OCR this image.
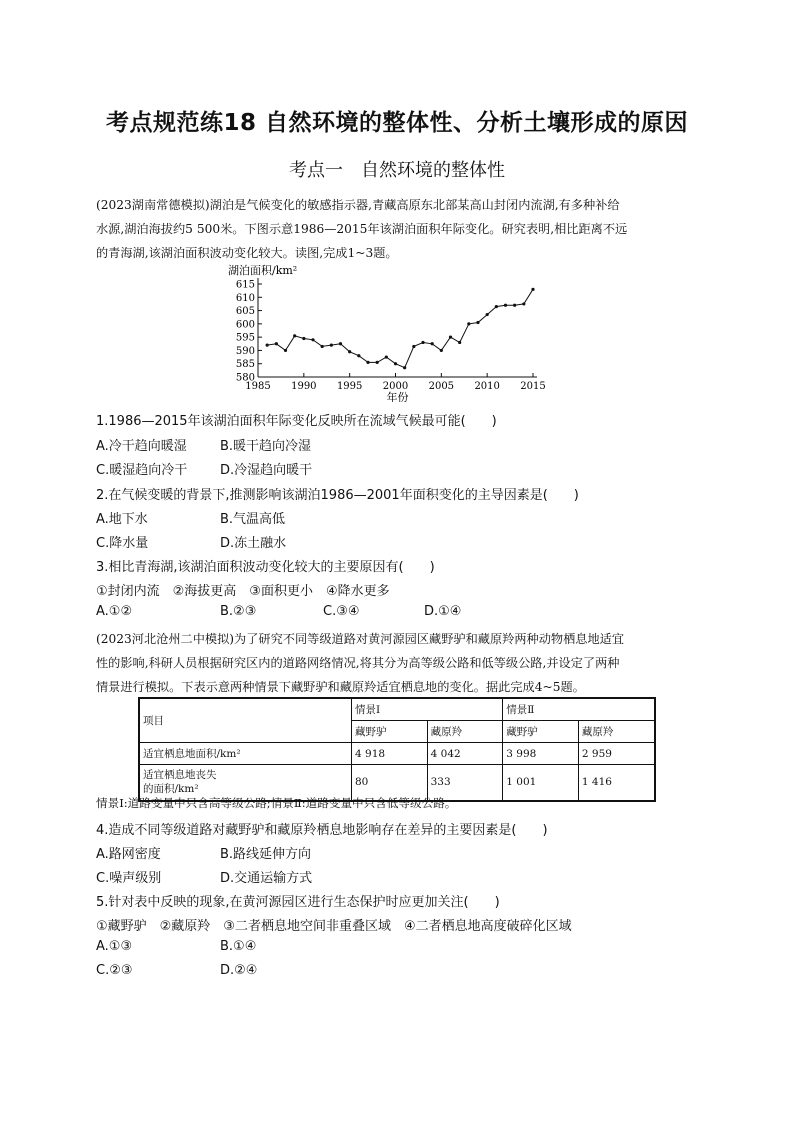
考点规范练18 自然环境的整体性、分析土壤形成的原因
考点一　自然环境的整体性

(2023湖南常德模拟)湖泊是气候变化的敏感指示器,青藏高原东北部某高山封闭内流湖,有多种补给

水源,湖泊海拔约5 500米。下图示意1986—2015年该湖泊面积年际变化。研究表明,相比距离不远

的青海湖,该湖泊面积波动变化较大。读图,完成1~3题。

湖泊面积/km²
580
585
590
595
600
605
610
615
1985 1990 1995 2000 2005 2010 2015
年份
1.1986—2015年该湖泊面积年际变化反映所在流域气候最可能(　　)
A.冷干趋向暖湿	B.暖干趋向冷湿
C.暖湿趋向冷干	D.冷湿趋向暖干
2.在气候变暖的背景下,推测影响该湖泊1986—2001年面积变化的主导因素是(　　)
A.地下水	B.气温高低
C.降水量	D.冻土融水
3.相比青海湖,该湖泊面积波动变化较大的主要原因有(　　)
①封闭内流　②海拔更高　③面积更小　④降水更多
A.①②	B.②③	C.③④	D.①④

(2023河北沧州二中模拟)为了研究不同等级道路对黄河源园区藏野驴和藏原羚两种动物栖息地适宜

性的影响,科研人员根据研究区内的道路网络情况,将其分为高等级公路和低等级公路,并设定了两种

情景进行模拟。下表示意两种情景下藏野驴和藏原羚适宜栖息地的变化。据此完成4~5题。

项目	情景Ⅰ		情景Ⅱ	
	藏野驴	藏原羚	藏野驴	藏原羚
适宜栖息地面积/km²	4 918	4 042	3 998	2 959
适宜栖息地丧失
的面积/km²	80	333	1 001	1 416
情景Ⅰ:道路变量中只含高等级公路;情景Ⅱ:道路变量中只含低等级公路。
4.造成不同等级道路对藏野驴和藏原羚栖息地影响存在差异的主要因素是(　　)
A.路网密度	B.路线延伸方向
C.噪声级别	D.交通运输方式
5.针对表中反映的现象,在黄河源园区进行生态保护时应更加关注(　　)
①藏野驴　②藏原羚　③二者栖息地空间非重叠区域　④二者栖息地高度破碎化区域
A.①③	B.①④
C.②③	D.②④
